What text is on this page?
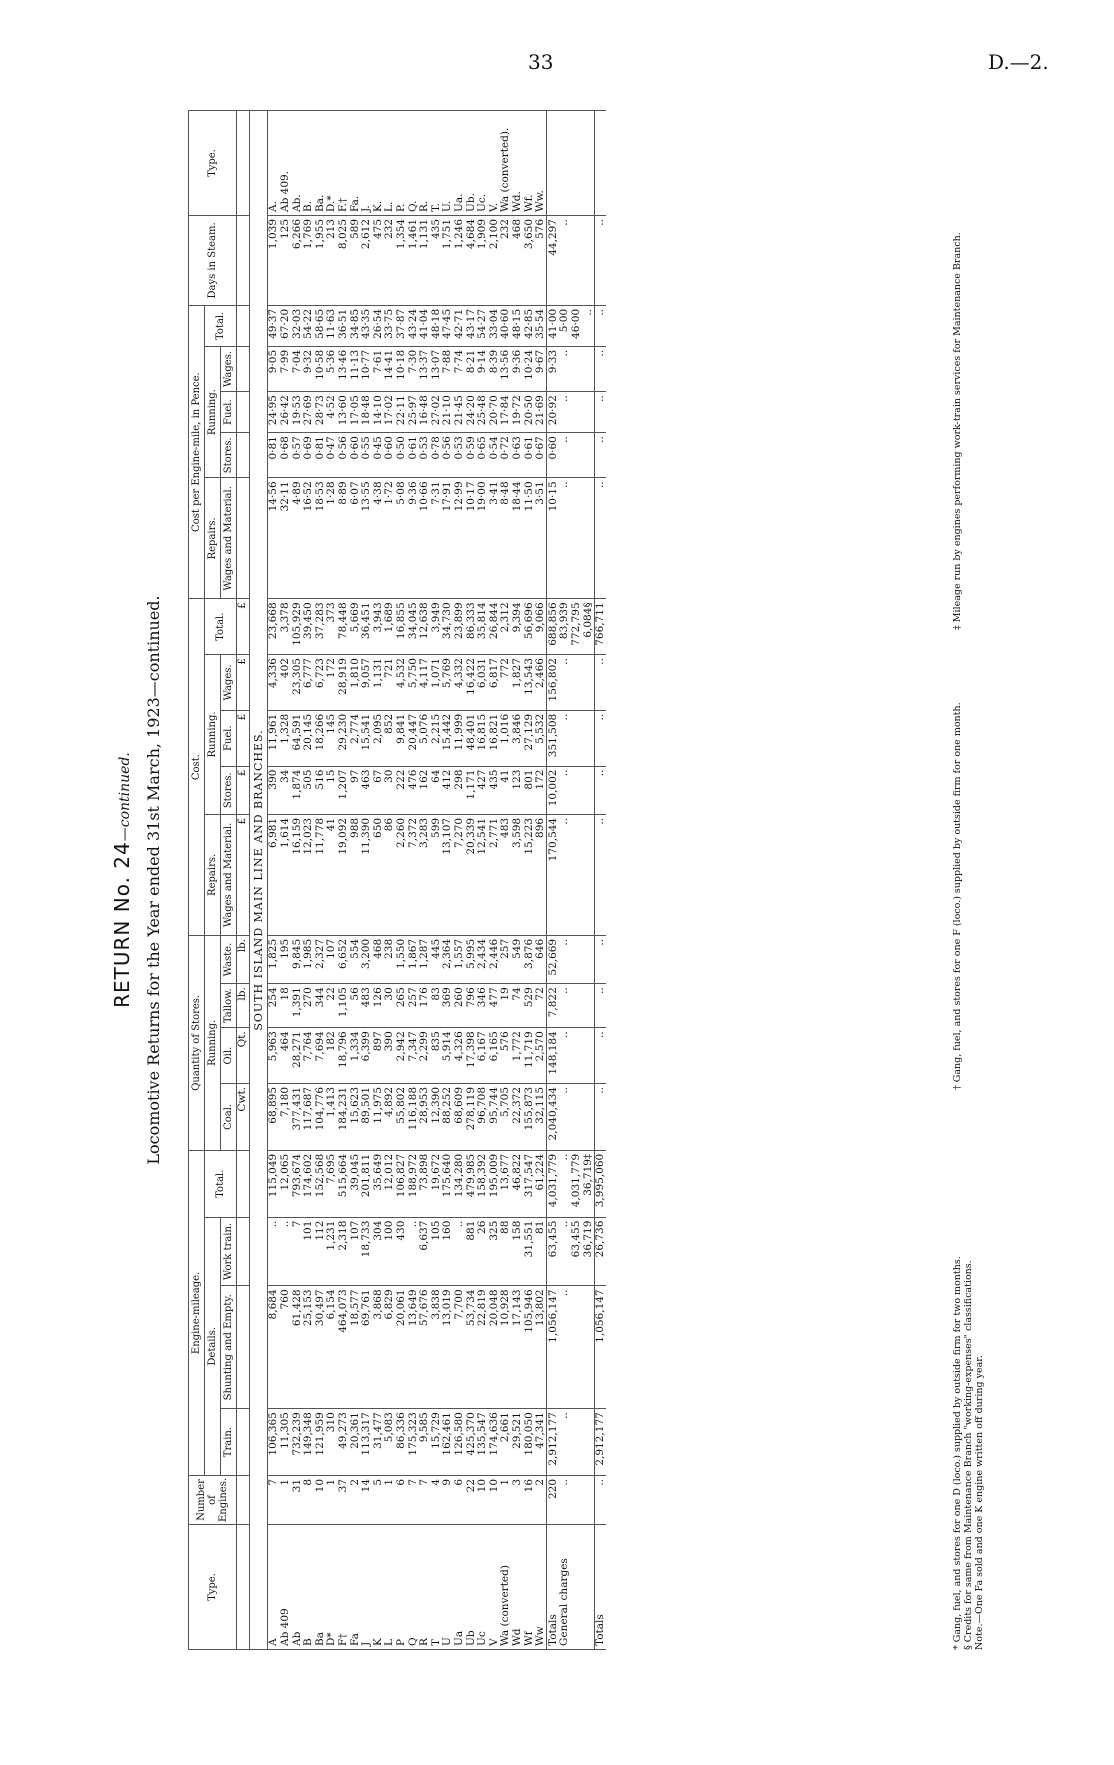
33	D.—2.
RETURN No. 24—continued. Locomotive Returns for the Year ended 31st March, 1923—continued.
Type.	Number of Engines.	Engine-mileage.				Quantity of Stores.				Cost.					Cost per Engine-mile, in Pence.					Days in Steam.	Type.
		Details.			Total.	Running.				Repairs.	Running.			Total.	Repairs.	Running.			Total.		
		Train.	Shunting and Empty.	Work train.		Coal.	Oil.	Tallow.	Waste.	Wages and Material.	Stores.	Fuel.	Wages.		Wages and Material.	Stores.	Fuel.	Wages.			
						Cwt.	Qt.	lb.	lb.	£	£	£	£	£							
SOUTH ISLAND MAIN LINE AND BRANCHES.																					
A	7	106,365	8,684	..	115,049	68,895	5,963	254	1,825	6,981	390	11,961	4,336	23,668	14·56	0·81	24·95	9·05	49·37	1,039	A.
Ab 409	1	11,305	760	..	12,065	7,180	464	18	195	1,614	34	1,328	402	3,378	32·11	0·68	26·42	7·99	67·20	125	Ab 409.
Ab	31	732,239	61,428	7	793,674	377,431	28,271	1,391	9,845	16,159	1,874	64,591	23,305	105,929	4·89	0·57	19·53	7·04	32·03	6,266	Ab.
B	8	149,348	25,153	101	174,602	117,687	7,764	270	1,985	12,023	505	20,145	6,777	39,450	16·52	0·69	27·69	9·32	54·22	1,769	B.
Ba	10	121,959	30,497	112	152,568	104,776	7,694	344	2,327	11,778	516	18,266	6,723	37,283	18·53	0·81	28·73	10·58	58·65	1,955	Ba.
D*	1	310	6,154	1,231	7,695	1,413	182	22	107	41	15	145	172	373	1·28	0·47	4·52	5·36	11·63	213	D.*
F†	37	49,273	464,073	2,318	515,664	184,231	18,796	1,105	6,652	19,092	1,207	29,230	28,919	78,448	8·89	0·56	13·60	13·46	36·51	8,025	F.†
Fa	2	20,361	18,577	107	39,045	15,623	1,334	56	554	988	97	2,774	1,810	5,669	6·07	0·60	17·05	11·13	34·85	589	Fa.
J	14	113,317	69,761	18,733	201,811	89,501	6,399	483	3,200	11,390	463	15,541	9,057	36,451	13·55	0·55	18·48	10·77	43·35	2,612	J.
K	5	31,477	3,868	304	35,649	11,975	897	126	468	650	67	2,095	1,131	3,943	4·38	0·45	14·10	7·61	26·54	475	K.
L	1	5,083	6,829	100	12,012	4,892	390	30	238	86	30	852	721	1,689	1·72	0·60	17·02	14·41	33·75	232	L.
P	6	86,336	20,061	430	106,827	55,802	2,942	265	1,550	2,260	222	9,841	4,532	16,855	5·08	0·50	22·11	10·18	37·87	1,354	P.
Q	7	175,323	13,649	..	188,972	116,188	7,347	257	1,867	7,372	476	20,447	5,750	34,045	9·36	0·61	25·97	7·30	43·24	1,461	Q.
R	7	9,585	57,676	6,637	73,898	28,953	2,299	176	1,287	3,283	162	5,076	4,117	12,638	10·66	0·53	16·48	13·37	41·04	1,131	R.
T	4	15,729	3,838	105	19,672	12,390	835	83	445	599	64	2,215	1,071	3,949	7·31	0·78	27·02	13·07	48·18	435	T.
U	9	162,461	13,019	160	175,640	88,252	5,914	369	2,364	13,107	412	15,442	5,769	34,730	17·91	0·56	21·10	7·88	47·45	1,751	U.
Ua	6	126,580	7,700	..	134,280	68,609	4,326	260	1,557	7,270	298	11,999	4,332	23,899	12·99	0·53	21·45	7·74	42·71	1,246	Ua.
Ub	22	425,370	53,734	881	479,985	278,119	17,398	796	5,995	20,339	1,171	48,401	16,422	86,333	10·17	0·59	24·20	8·21	43·17	4,684	Ub.
Uc	10	135,547	22,819	26	158,392	96,708	6,167	346	2,434	12,541	427	16,815	6,031	35,814	19·00	0·65	25·48	9·14	54·27	1,909	Uc.
V	10	174,636	20,048	325	195,009	95,744	6,165	477	2,446	2,771	435	16,821	6,817	26,844	3·41	0·54	20·70	8·39	33·04	2,100	V.
Wa (converted)	1	2,661	10,928	88	13,677	5,705	576	19	257	483	41	1,016	772	2,312	8·48	0·72	17·84	13·56	40·60	232	Wa (converted).
Wd	3	29,521	17,143	158	46,822	22,372	1,772	74	549	3,598	123	3,846	1,827	9,394	18·44	0·63	19·72	9·36	48·15	468	Wd.
Wf	16	180,050	105,946	31,551	317,547	155,873	11,719	529	3,876	15,223	801	27,129	13,543	56,696	11·50	0·61	20·50	10·24	42·85	3,650	Wf.
Ww	2	47,341	13,802	81	61,224	32,115	2,570	72	646	896	172	5,532	2,466	9,066	3·51	0·67	21·69	9·67	35·54	576	Ww.
Totals	220	2,912,177	1,056,147	63,455	4,031,779	2,040,434	148,184	7,822	52,669	170,544	10,002	351,508	156,802	688,856	10·15	0·60	20·92	9·33	41·00	44,297	
General charges	..	..	..	..	..	..	..	..	..	..	..	..	..	83,939	..	..	..	..	5·00	..	
				63,455	4,031,779									772,795					46·00		
				36,719	36,719‡									6,084§					..		
Totals	..	2,912,177	1,056,147	26,736	3,995,060	..	..	..	..	..	..	..	..	766,711	..	..	..	..	..	..	
* Gang, fuel, and stores for one D (loco.) supplied by outside firm for two months. § Credits for same from Maintenance Branch "working-expenses" classifications. Note.—One Fa sold and one K engine written off during year.
† Gang, fuel, and stores for one F (loco.) supplied by outside firm for one month.
‡ Mileage run by engines performing work-train services for Maintenance Branch.
